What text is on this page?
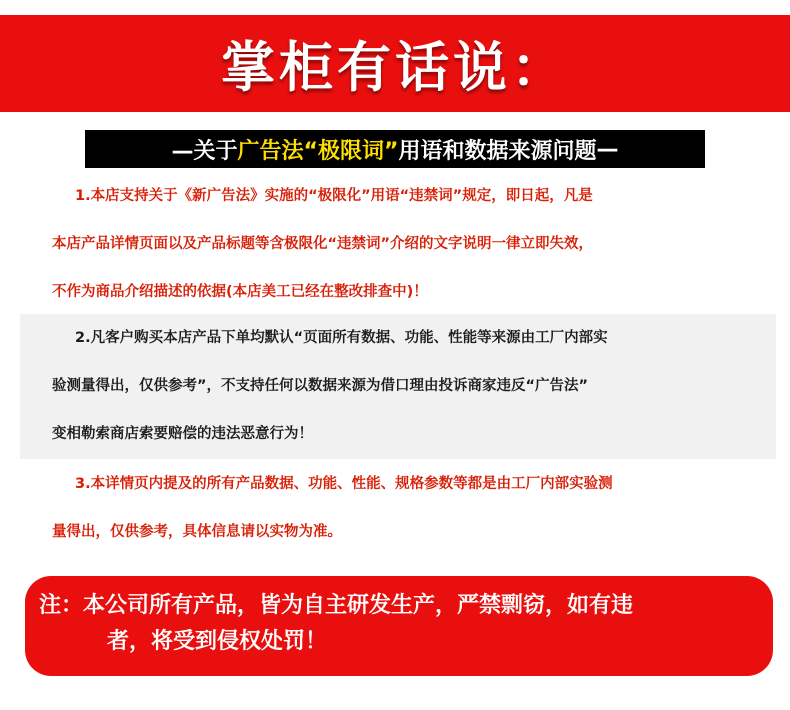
掌柜有话说：
—关于 广告法“极限词” 用语和数据来源问题 —

1.本店支持关于《新广告法》实施的“极限化”用语“违禁词”规定，即日起，凡是

本店产品详情页面以及产品标题等含极限化“违禁词”介绍的文字说明一律立即失效，

不作为商品介绍描述的依据(本店美工已经在整改排查中)！

2.凡客户购买本店产品下单均默认“页面所有数据、功能、性能等来源由工厂内部实

验测量得出，仅供参考”，不支持任何以数据来源为借口理由投诉商家违反“广告法”

变相勒索商店索要赔偿的违法恶意行为！

3.本详情页内提及的所有产品数据、功能、性能、规格参数等都是由工厂内部实验测

量得出，仅供参考，具体信息请以实物为准。

注：本公司所有产品，皆为自主研发生产，严禁剽窃，如有违
者，将受到侵权处罚！
